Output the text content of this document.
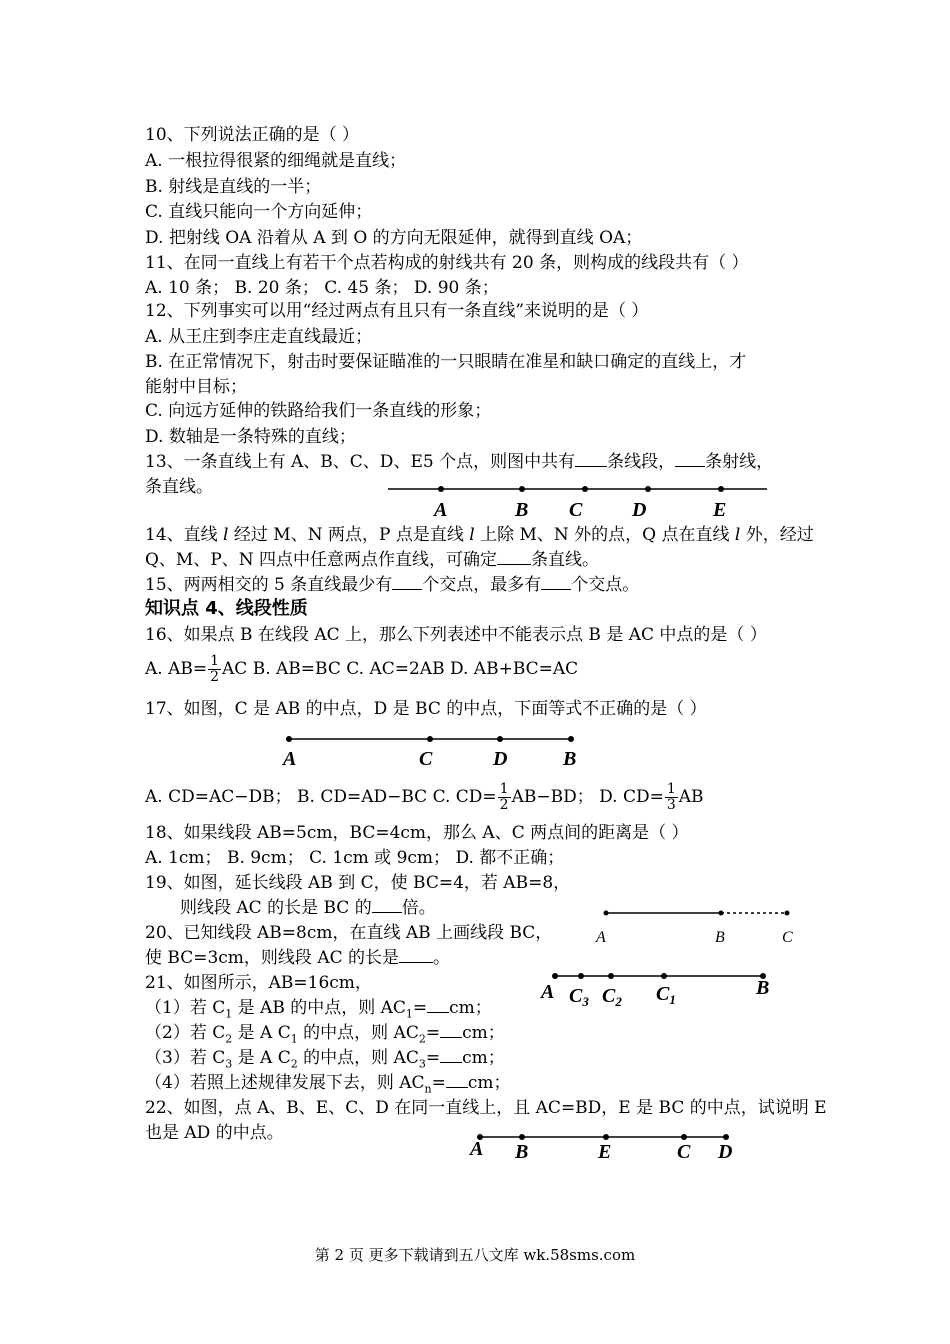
10、下列说法正确的是（ ）
A. 一根拉得很紧的细绳就是直线；
B. 射线是直线的一半；
C. 直线只能向一个方向延伸；
D. 把射线 OA 沿着从 A 到 O 的方向无限延伸，就得到直线 OA；
11、在同一直线上有若干个点若构成的射线共有 20 条，则构成的线段共有（ ）
A. 10 条； B. 20 条； C. 45 条； D. 90 条；
12、下列事实可以用“经过两点有且只有一条直线”来说明的是（ ）
A. 从王庄到李庄走直线最近；
B. 在正常情况下，射击时要保证瞄准的一只眼睛在准星和缺口确定的直线上，才
能射中目标；
C. 向远方延伸的铁路给我们一条直线的形象；
D. 数轴是一条特殊的直线；
13、一条直线上有 A、B、C、D、E5 个点，则图中共有 条线段， 条射线，
条直线。
A	B C D	E
14、直线 l 经过 M、N 两点，P 点是直线 l 上除 M、N 外的点，Q 点在直线 l 外，经过
Q、M、P、N 四点中任意两点作直线，可确定 条直线。
15、两两相交的 5 条直线最少有 个交点，最多有 个交点。
知识点 4、线段性质
16、如果点 B 在线段 AC 上，那么下列表述中不能表示点 B 是 AC 中点的是（ ）
A. $AB= \frac{1}{2}$ AC B. AB=BC C. AC=2AB D. AB+BC=AC
17、如图，C 是 AB 的中点，D 是 BC 的中点，下面等式不正确的是（ ）
A	C	D	B
A. CD=AC−DB； B. CD=AD−BC C. $CD= \frac{1}{2} AB-BD$； D. $CD= \frac{1}{3}$ AB
18、如果线段 AB=5cm，BC=4cm，那么 A、C 两点间的距离是（ ）
A. 1cm； B. 9cm； C. 1cm 或 9cm； D. 都不正确；
19、如图，延长线段 AB 到 C，使 BC=4，若 AB=8，
则线段 AC 的长是 BC 的 倍。
A	B	C
20、已知线段 AB=8cm，在直线 AB 上画线段 BC，
使 BC=3cm，则线段 AC 的长是 。
21、如图所示，AB=16cm，
（1）若 $C_1$ 是 AB 的中点，则 $AC_1=$ cm；
（2）若 $C_2$ 是 A $C_1$ 的中点，则 $AC_2=$ cm；
（3）若 $C_3$ 是 A $C_2$ 的中点，则 $AC_3=$ cm；
（4）若照上述规律发展下去，则 $AC_n=$ cm；
A $C_3$ $C_2$ $C_1$
B
22、如图，点 A、B、E、C、D 在同一直线上，且 AC=BD，E 是 BC 的中点，试说明 E
也是 AD 的中点。
A B	E	C D
第 2 页 更多下载请到五八文库 wk.58sms.com
